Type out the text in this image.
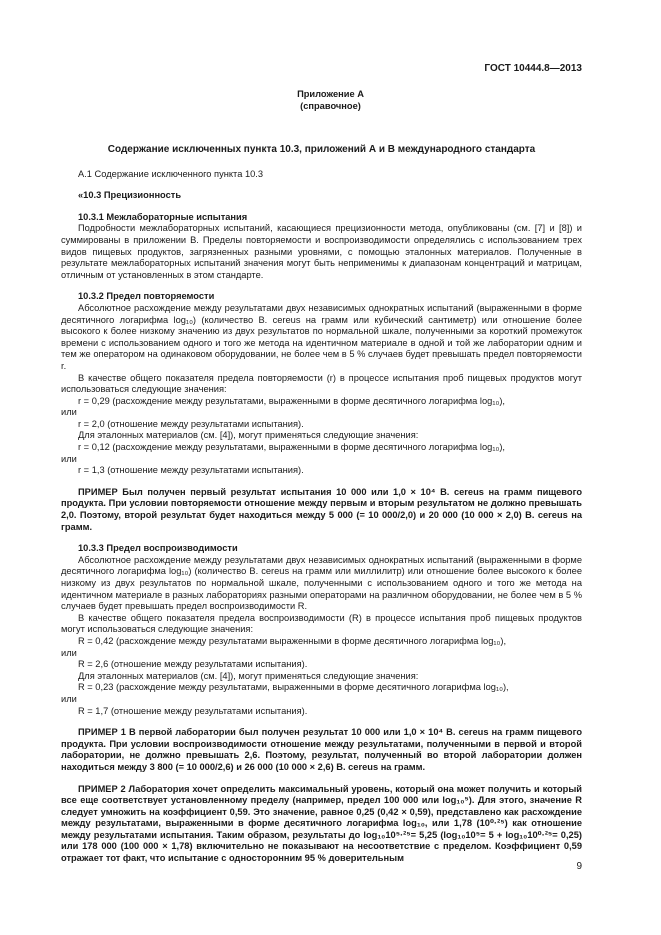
ГОСТ 10444.8—2013
Приложение А
(справочное)
Содержание исключенных пункта 10.3, приложений А и В международного стандарта
А.1 Содержание исключенного пункта 10.3
«10.3 Прецизионность
10.3.1 Межлабораторные испытания

Подробности межлабораторных испытаний, касающиеся прецизионности метода, опубликованы (см. [7] и [8]) и суммированы в приложении В. Пределы повторяемости и воспроизводимости определялись с использованием трех видов пищевых продуктов, загрязненных разными уровнями, с помощью эталонных материалов. Полученные в результате межлабораторных испытаний значения могут быть неприменимы к диапазонам концентраций и матрицам, отличным от установленных в этом стандарте.

10.3.2 Предел повторяемости

Абсолютное расхождение между результатами двух независимых однократных испытаний (выраженными в форме десятичного логарифма log₁₀) (количество B. cereus на грамм или кубический сантиметр) или отношение более высокого к более низкому значению из двух результатов по нормальной шкале, полученными за короткий промежуток времени с использованием одного и того же метода на идентичном материале в одной и той же лаборатории одним и тем же оператором на одинаковом оборудовании, не более чем в 5 % случаев будет превышать предел повторяемости r.

В качестве общего показателя предела повторяемости (r) в процессе испытания проб пищевых продуктов могут использоваться следующие значения:

r = 0,29 (расхождение между результатами, выраженными в форме десятичного логарифма log₁₀),

или

r = 2,0 (отношение между результатами испытания).

Для эталонных материалов (см. [4]), могут применяться следующие значения:

r = 0,12 (расхождение между результатами, выраженными в форме десятичного логарифма log₁₀),

или

r = 1,3 (отношение между результатами испытания).

ПРИМЕР Был получен первый результат испытания 10 000 или 1,0 × 10⁴ B. cereus на грамм пищевого продукта. При условии повторяемости отношение между первым и вторым результатом не должно превышать 2,0. Поэтому, второй результат будет находиться между 5 000 (= 10 000/2,0) и 20 000 (10 000 × 2,0) B. cereus на грамм.

10.3.3 Предел воспроизводимости

Абсолютное расхождение между результатами двух независимых однократных испытаний (выраженными в форме десятичного логарифма log₁₀) (количество B. cereus на грамм или миллилитр) или отношение более высокого к более низкому из двух результатов по нормальной шкале, полученными с использованием одного и того же метода на идентичном материале в разных лабораториях разными операторами на различном оборудовании, не более чем в 5 % случаев будет превышать предел воспроизводимости R.

В качестве общего показателя предела воспроизводимости (R) в процессе испытания проб пищевых продуктов могут использоваться следующие значения:

R = 0,42 (расхождение между результатами выраженными в форме десятичного логарифма log₁₀),

или

R = 2,6 (отношение между результатами испытания).

Для эталонных материалов (см. [4]), могут применяться следующие значения:

R = 0,23 (расхождение между результатами, выраженными в форме десятичного логарифма log₁₀),

или

R = 1,7 (отношение между результатами испытания).

ПРИМЕР 1 В первой лаборатории был получен результат 10 000 или 1,0 × 10⁴ B. cereus на грамм пищевого продукта. При условии воспроизводимости отношение между результатами, полученными в первой и второй лаборатории, не должно превышать 2,6. Поэтому, результат, полученный во второй лаборатории должен находиться между 3 800 (= 10 000/2,6) и 26 000 (10 000 × 2,6) B. cereus на грамм.

ПРИМЕР 2 Лаборатория хочет определить максимальный уровень, который она может получить и который все еще соответствует установленному пределу (например, предел 100 000 или log₁₀⁵). Для этого, значение R следует умножить на коэффициент 0,59. Это значение, равное 0,25 (0,42 × 0,59), представлено как расхождение между результатами, выраженными в форме десятичного логарифма log₁₀, или 1,78 (10⁰·²⁵) как отношение между результатами испытания. Таким образом, результаты до log₁₀10⁵·²⁵= 5,25 (log₁₀10⁵= 5 + log₁₀10⁰·²⁵= 0,25) или 178 000 (100 000 × 1,78) включительно не показывают на несоответствие с пределом. Коэффициент 0,59 отражает тот факт, что испытание с односторонним 95 % доверительным

9
